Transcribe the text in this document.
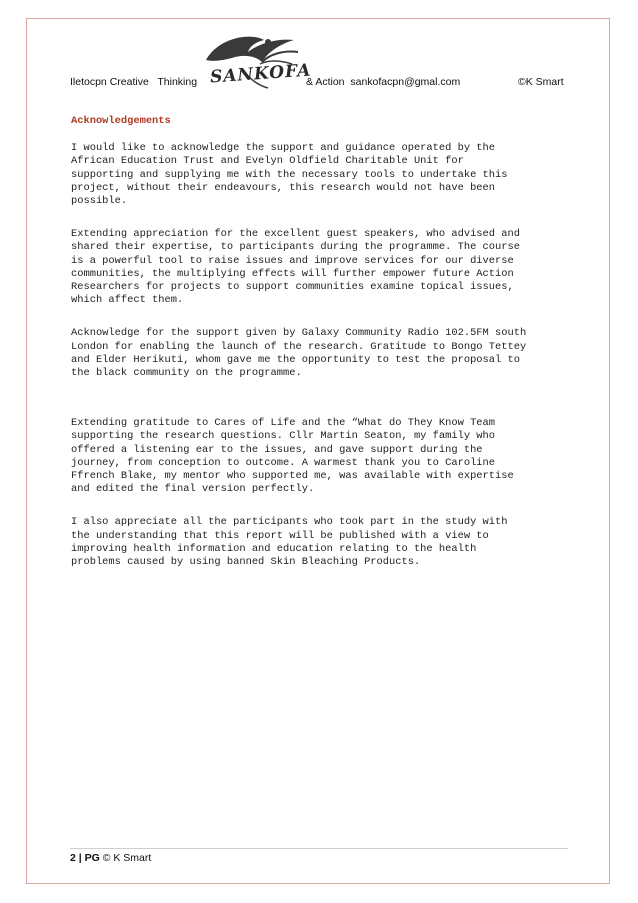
SANKOFA
Iletocpn Creative   Thinking	& Action  sankofacpn@gmal.com	©K Smart
Acknowledgements

I would like to acknowledge the support and guidance operated by the
African Education Trust and Evelyn Oldfield Charitable Unit for
supporting and supplying me with the necessary tools to undertake this
project, without their endeavours, this research would not have been
possible.

Extending appreciation for the excellent guest speakers, who advised and
shared their expertise, to participants during the programme. The course
is a powerful tool to raise issues and improve services for our diverse
communities, the multiplying effects will further empower future Action
Researchers for projects to support communities examine topical issues,
which affect them.

Acknowledge for the support given by Galaxy Community Radio 102.5FM south
London for enabling the launch of the research. Gratitude to Bongo Tettey
and Elder Herikuti, whom gave me the opportunity to test the proposal to
the black community on the programme.

Extending gratitude to Cares of Life and the “What do They Know Team
supporting the research questions. Cllr Martin Seaton, my family who
offered a listening ear to the issues, and gave support during the
journey, from conception to outcome. A warmest thank you to Caroline
Ffrench Blake, my mentor who supported me, was available with expertise
and edited the final version perfectly.

I also appreciate all the participants who took part in the study with
the understanding that this report will be published with a view to
improving health information and education relating to the health
problems caused by using banned Skin Bleaching Products.

2 | PG © K Smart
